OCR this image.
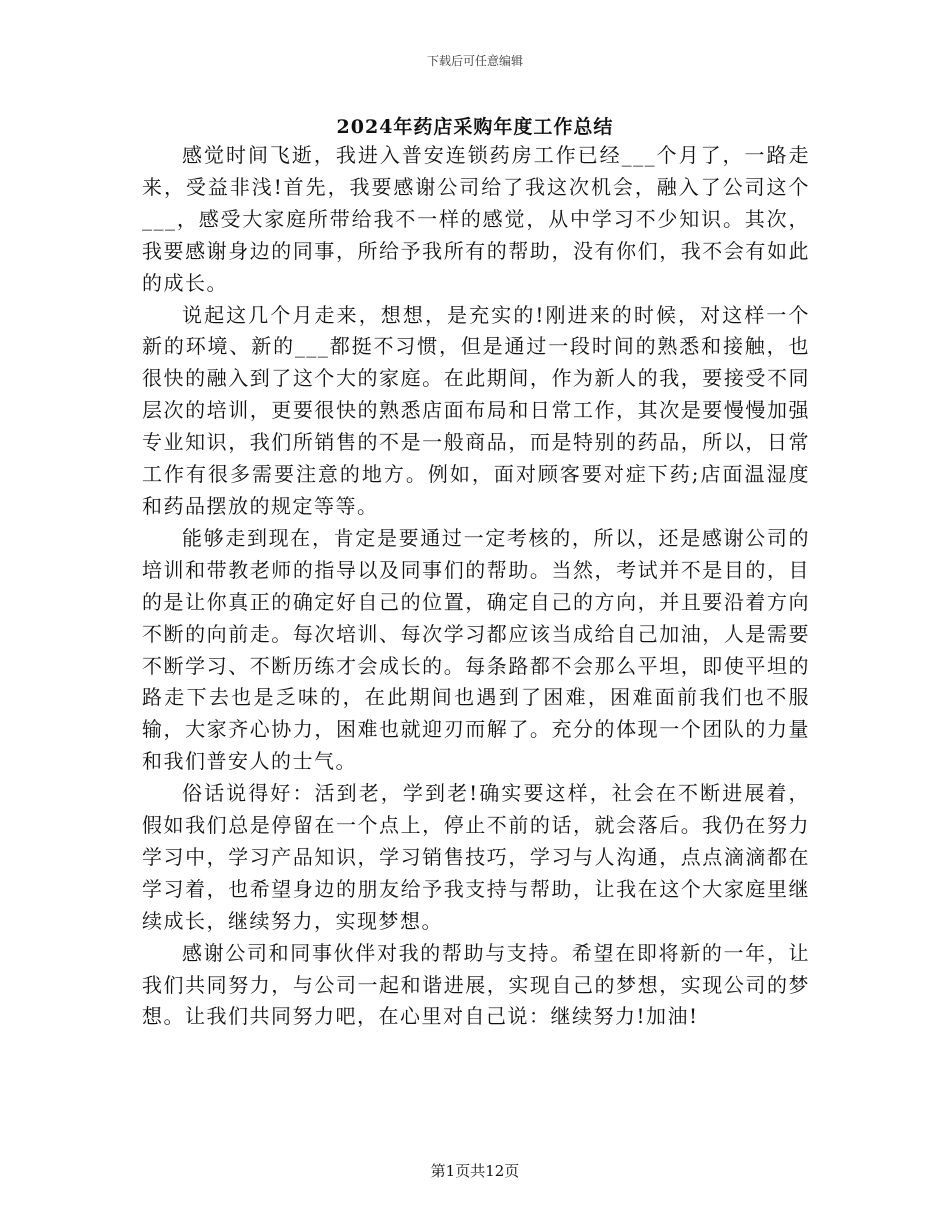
下载后可任意编辑
2024年药店采购年度工作总结

感觉时间飞逝，我进入普安连锁药房工作已经___个月了，一路走来，受益非浅!首先，我要感谢公司给了我这次机会，融入了公司这个___，感受大家庭所带给我不一样的感觉，从中学习不少知识。其次，我要感谢身边的同事，所给予我所有的帮助，没有你们，我不会有如此的成长。

说起这几个月走来，想想，是充实的!刚进来的时候，对这样一个新的环境、新的___都挺不习惯，但是通过一段时间的熟悉和接触，也很快的融入到了这个大的家庭。在此期间，作为新人的我，要接受不同层次的培训，更要很快的熟悉店面布局和日常工作，其次是要慢慢加强专业知识，我们所销售的不是一般商品，而是特别的药品，所以，日常工作有很多需要注意的地方。例如，面对顾客要对症下药;店面温湿度和药品摆放的规定等等。

能够走到现在，肯定是要通过一定考核的，所以，还是感谢公司的培训和带教老师的指导以及同事们的帮助。当然，考试并不是目的，目的是让你真正的确定好自己的位置，确定自己的方向，并且要沿着方向不断的向前走。每次培训、每次学习都应该当成给自己加油，人是需要不断学习、不断历练才会成长的。每条路都不会那么平坦，即使平坦的路走下去也是乏味的，在此期间也遇到了困难，困难面前我们也不服输，大家齐心协力，困难也就迎刃而解了。充分的体现一个团队的力量和我们普安人的士气。

俗话说得好：活到老，学到老!确实要这样，社会在不断进展着，假如我们总是停留在一个点上，停止不前的话，就会落后。我仍在努力学习中，学习产品知识，学习销售技巧，学习与人沟通，点点滴滴都在学习着，也希望身边的朋友给予我支持与帮助，让我在这个大家庭里继续成长，继续努力，实现梦想。

感谢公司和同事伙伴对我的帮助与支持。希望在即将新的一年，让我们共同努力，与公司一起和谐进展，实现自己的梦想，实现公司的梦想。让我们共同努力吧，在心里对自己说：继续努力!加油!

第1页共12页
